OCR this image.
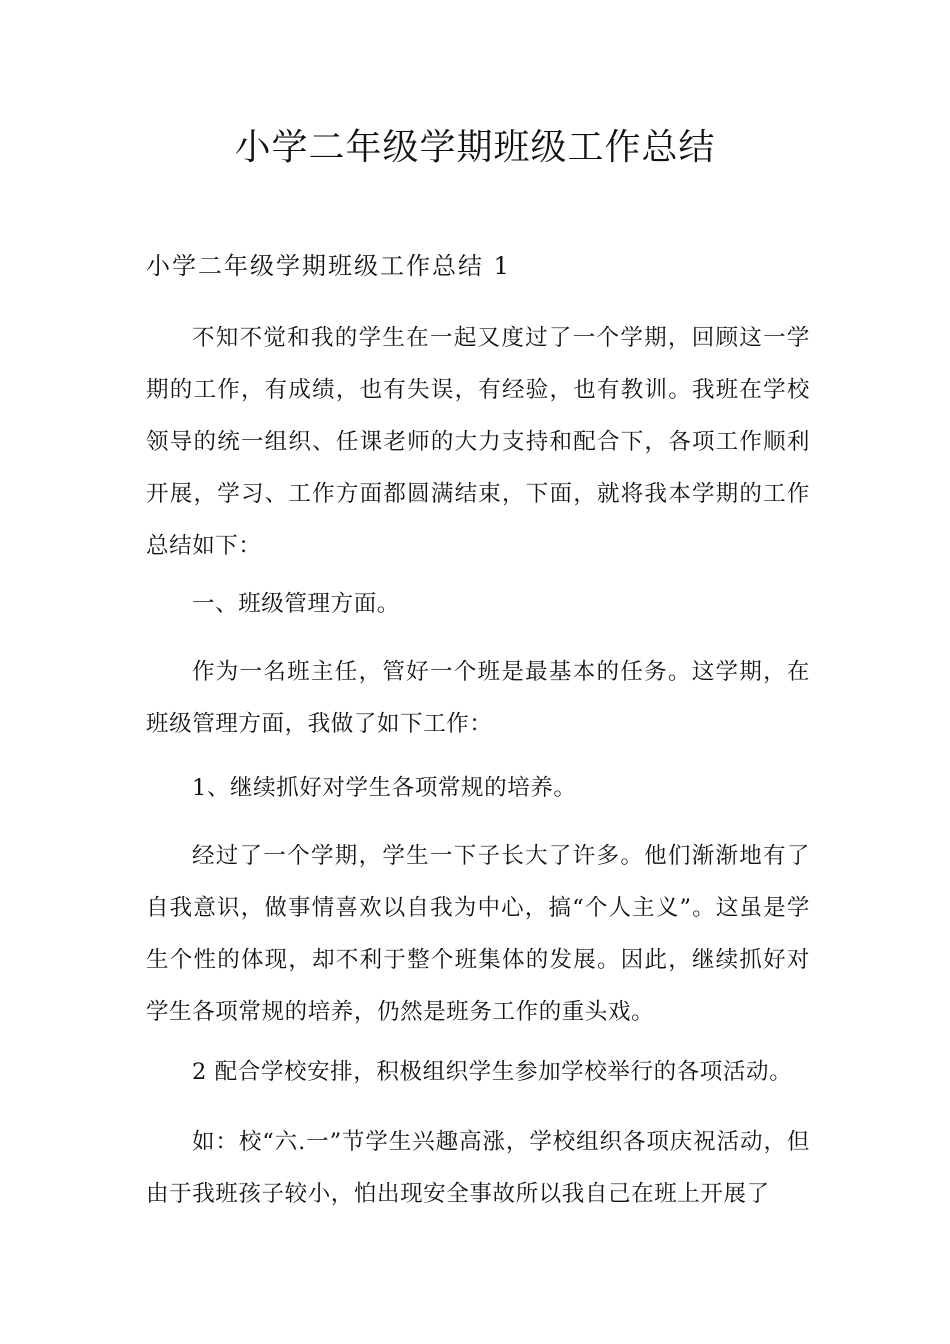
小学二年级学期班级工作总结
小学二年级学期班级工作总结 1

不知不觉和我的学生在一起又度过了一个学期，回顾这一学期的工作，有成绩，也有失误，有经验，也有教训。我班在学校领导的统一组织、任课老师的大力支持和配合下，各项工作顺利开展，学习、工作方面都圆满结束，下面，就将我本学期的工作总结如下：

一、班级管理方面。

作为一名班主任，管好一个班是最基本的任务。这学期，在班级管理方面，我做了如下工作：

1、继续抓好对学生各项常规的培养。

经过了一个学期，学生一下子长大了许多。他们渐渐地有了自我意识，做事情喜欢以自我为中心，搞“个人主义”。这虽是学生个性的体现，却不利于整个班集体的发展。因此，继续抓好对学生各项常规的培养，仍然是班务工作的重头戏。

2 配合学校安排，积极组织学生参加学校举行的各项活动。

如：校“六.一”节学生兴趣高涨，学校组织各项庆祝活动，但由于我班孩子较小，怕出现安全事故所以我自己在班上开展了
